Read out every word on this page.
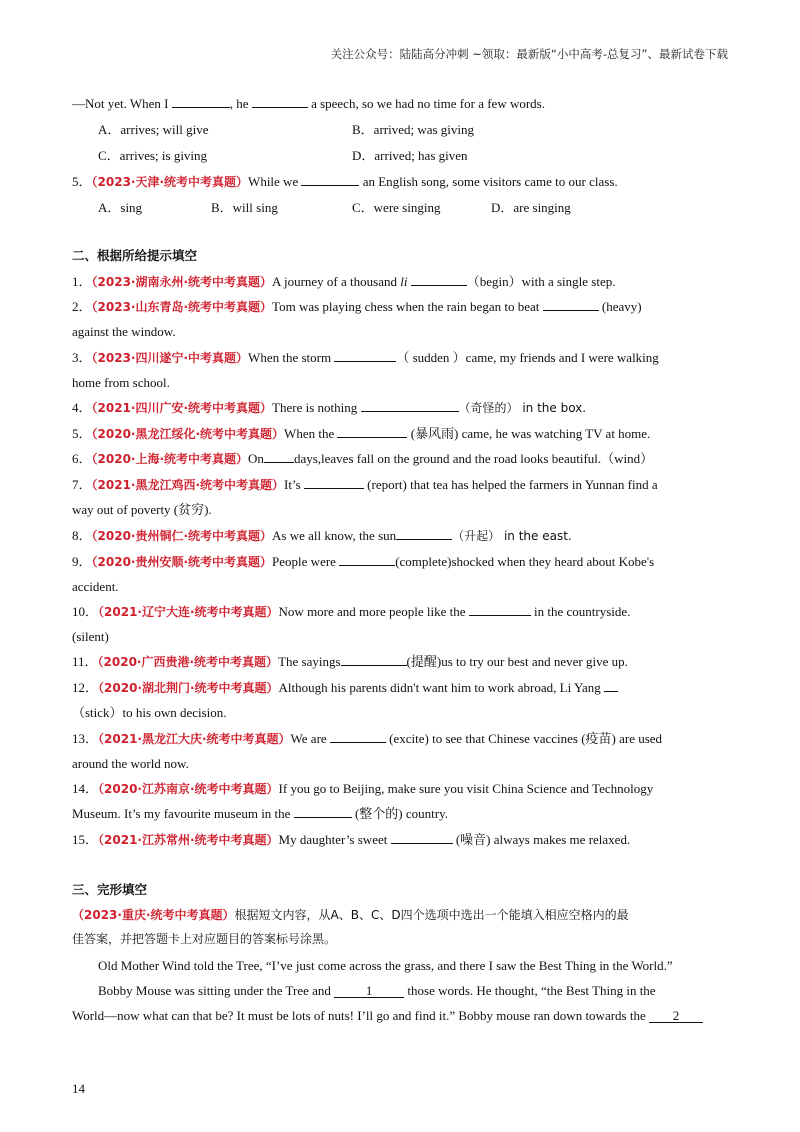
关注公众号：陆陆高分冲刺 ~领取：最新版“小中高考-总复习”、最新试卷下载
—Not yet. When I	, he	a speech, so we had no time for a few words.
A．arrives; will give	B．arrived; was giving
C．arrives; is giving	D．arrived; has given
5．（2023·天津·统考中考真题）While we	an English song, some visitors came to our class.
A．sing	B．will sing	C．were singing	D．are singing
二、根据所给提示填空
1．（2023·湖南永州·统考中考真题）A journey of a thousand li	（begin）with a single step.
2．（2023·山东青岛·统考中考真题）Tom was playing chess when the rain began to beat	(heavy)
against the window.
3．（2023·四川遂宁·中考真题）When the storm	（ sudden ）came, my friends and I were walking
home from school.
4．（2021·四川广安·统考中考真题）There is nothing	（奇怪的） in the box.
5．（2020·黑龙江绥化·统考中考真题）When the	(暴风雨) came, he was watching TV at home.
6．（2020·上海·统考中考真题）On days,leaves fall on the ground and the road looks beautiful.（wind）
7．（2021·黑龙江鸡西·统考中考真题）It’s	(report) that tea has helped the farmers in Yunnan find a
way out of poverty (贫穷).
8．（2020·贵州铜仁·统考中考真题）As we all know, the sun	（升起） in the east.
9．（2020·贵州安顺·统考中考真题）People were	(complete)shocked when they heard about Kobe's
accident.
10．（2021·辽宁大连·统考中考真题）Now more and more people like the	in the countryside.
(silent)
11．（2020·广西贵港·统考中考真题）The sayings	(提醒)us to try our best and never give up.
12．（2020·湖北荆门·统考中考真题）Although his parents didn't want him to work abroad, Li Yang
（stick）to his own decision.
13．（2021·黑龙江大庆·统考中考真题）We are	(excite) to see that Chinese vaccines (疫苗) are used
around the world now.
14．（2020·江苏南京·统考中考真题）If you go to Beijing, make sure you visit China Science and Technology
Museum. It’s my favourite museum in the	(整个的) country.
15．（2021·江苏常州·统考中考真题）My daughter’s sweet	(噪音) always makes me relaxed.
三、完形填空
（2023·重庆·统考中考真题）根据短文内容，从A、B、C、D四个选项中选出一个能填入相应空格内的最
佳答案，并把答题卡上对应题目的答案标号涂黑。
Old Mother Wind told the Tree, “I’ve just come across the grass, and there I saw the Best Thing in the World.”
Bobby Mouse was sitting under the Tree and 1 those words. He thought, “the Best Thing in the
World—now what can that be? It must be lots of nuts! I’ll go and find it.” Bobby mouse ran down towards the 2
14
